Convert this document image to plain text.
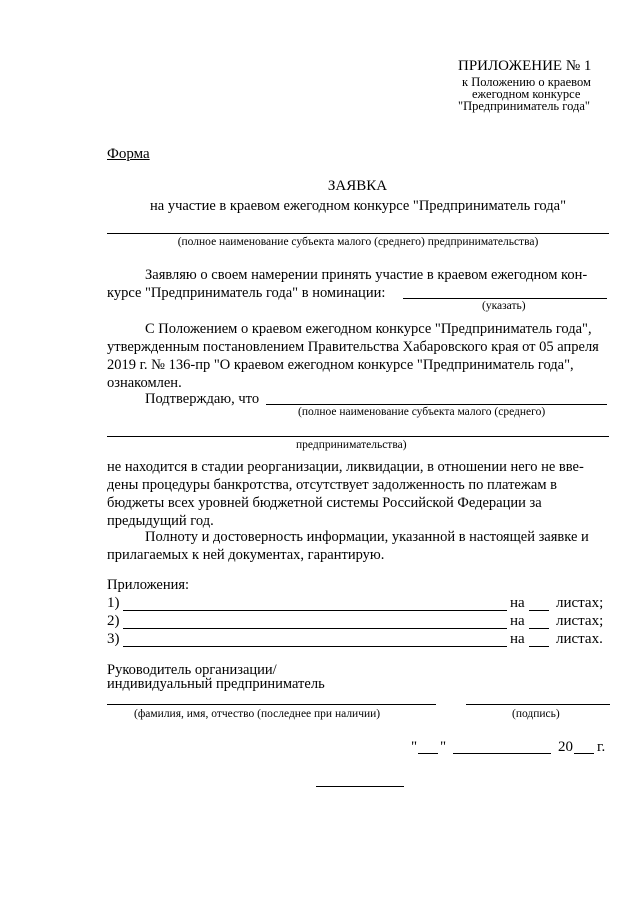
ПРИЛОЖЕНИЕ № 1
к Положению о краевом
ежегодном конкурсе
"Предприниматель года"
Форма
ЗАЯВКА
на участие в краевом ежегодном конкурсе "Предприниматель года"
(полное наименование субъекта малого (среднего) предпринимательства)
Заявляю о своем намерении принять участие в краевом ежегодном кон-
курсе "Предприниматель года" в номинации:
(указать)
С Положением о краевом ежегодном конкурсе "Предприниматель года",
утвержденным постановлением Правительства Хабаровского края от 05 апреля
2019 г. № 136-пр "О краевом ежегодном конкурсе "Предприниматель года",
ознакомлен.
Подтверждаю, что
(полное наименование субъекта малого (среднего)
предпринимательства)
не находится в стадии реорганизации, ликвидации, в отношении него не вве-
дены процедуры банкротства, отсутствует задолженность по платежам в
бюджеты всех уровней бюджетной системы Российской Федерации за
предыдущий год.
Полноту и достоверность информации, указанной в настоящей заявке и
прилагаемых к ней документах, гарантирую.
Приложения:
1)	на листах;
2)	на листах;
3)	на листах.
Руководитель организации/
индивидуальный предприниматель
(фамилия, имя, отчество (последнее при наличии)	(подпись)
" "	20 г.
